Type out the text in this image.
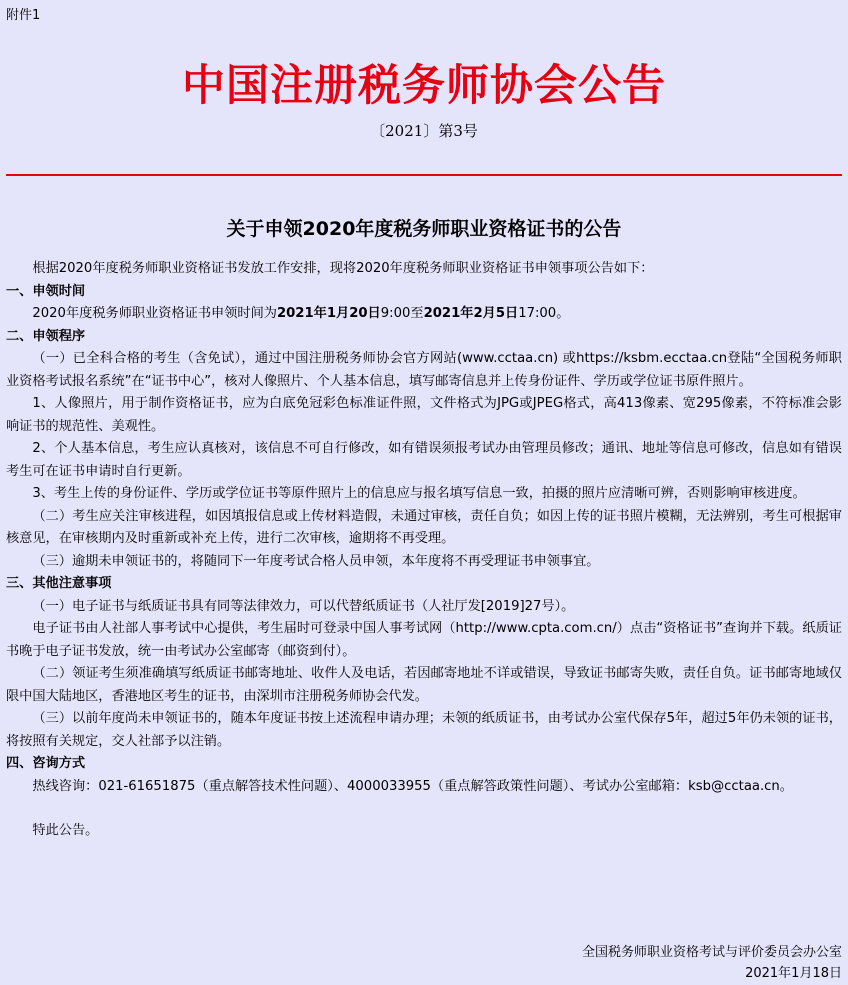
附件1
中国注册税务师协会公告
〔2021〕第3号
关于申领2020年度税务师职业资格证书的公告

根据2020年度税务师职业资格证书发放工作安排，现将2020年度税务师职业资格证书申领事项公告如下：

一、申领时间

2020年度税务师职业资格证书申领时间为2021年1月20日9:00至2021年2月5日17:00。

二、申领程序

（一）已全科合格的考生（含免试），通过中国注册税务师协会官方网站(www.cctaa.cn) 或https://ksbm.ecctaa.cn登陆“全国税务师职业资格考试报名系统”在“证书中心”，核对人像照片、个人基本信息，填写邮寄信息并上传身份证件、学历或学位证书原件照片。

1、人像照片，用于制作资格证书，应为白底免冠彩色标准证件照，文件格式为JPG或JPEG格式，高413像素、宽295像素，不符标准会影响证书的规范性、美观性。

2、个人基本信息，考生应认真核对，该信息不可自行修改，如有错误须报考试办由管理员修改；通讯、地址等信息可修改，信息如有错误考生可在证书申请时自行更新。

3、考生上传的身份证件、学历或学位证书等原件照片上的信息应与报名填写信息一致，拍摄的照片应清晰可辨，否则影响审核进度。

（二）考生应关注审核进程，如因填报信息或上传材料造假，未通过审核，责任自负；如因上传的证书照片模糊，无法辨别，考生可根据审核意见，在审核期内及时重新或补充上传，进行二次审核，逾期将不再受理。

（三）逾期未申领证书的，将随同下一年度考试合格人员申领，本年度将不再受理证书申领事宜。

三、其他注意事项

（一）电子证书与纸质证书具有同等法律效力，可以代替纸质证书（人社厅发[2019]27号）。

电子证书由人社部人事考试中心提供，考生届时可登录中国人事考试网（http://www.cpta.com.cn/）点击“资格证书”查询并下载。纸质证书晚于电子证书发放，统一由考试办公室邮寄（邮资到付）。

（二）领证考生须准确填写纸质证书邮寄地址、收件人及电话，若因邮寄地址不详或错误，导致证书邮寄失败，责任自负。证书邮寄地域仅限中国大陆地区，香港地区考生的证书，由深圳市注册税务师协会代发。

（三）以前年度尚未申领证书的，随本年度证书按上述流程申请办理；未领的纸质证书，由考试办公室代保存5年，超过5年仍未领的证书，将按照有关规定，交人社部予以注销。

四、咨询方式

热线咨询：021-61651875（重点解答技术性问题）、4000033955（重点解答政策性问题）、考试办公室邮箱：ksb@cctaa.cn。

特此公告。

全国税务师职业资格考试与评价委员会办公室
2021年1月18日
